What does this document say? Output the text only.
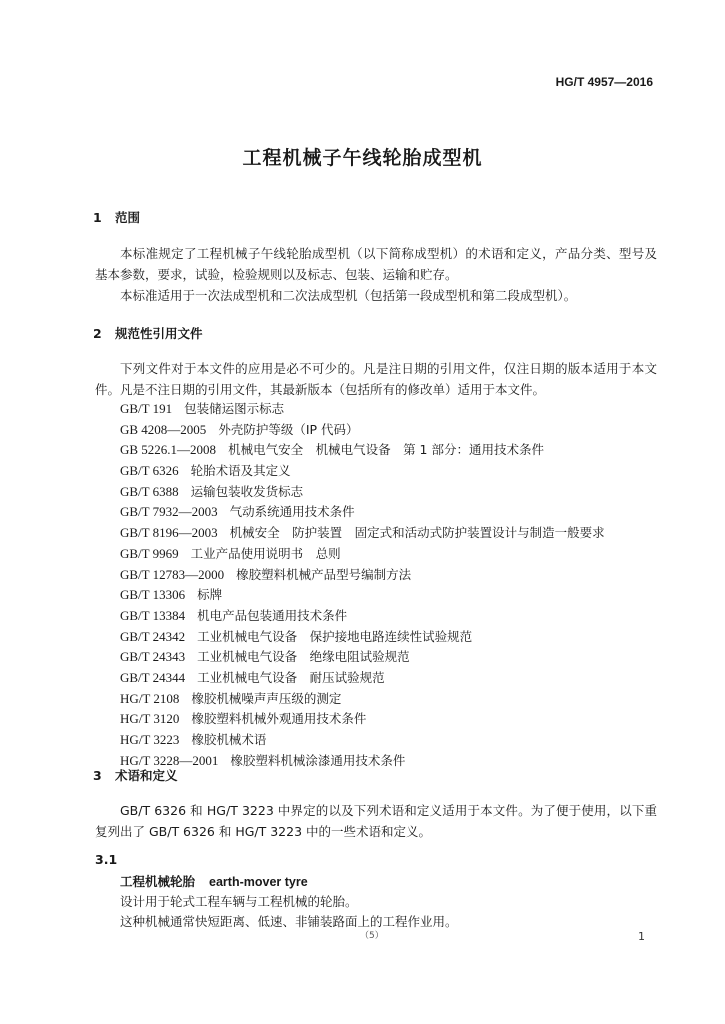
HG/T 4957—2016
工程机械子午线轮胎成型机
1 范围

本标准规定了工程机械子午线轮胎成型机（以下简称成型机）的术语和定义，产品分类、型号及基本参数，要求，试验，检验规则以及标志、包装、运输和贮存。

本标准适用于一次法成型机和二次法成型机（包括第一段成型机和第二段成型机）。

2 规范性引用文件

下列文件对于本文件的应用是必不可少的。凡是注日期的引用文件，仅注日期的版本适用于本文件。凡是不注日期的引用文件，其最新版本（包括所有的修改单）适用于本文件。

GB/T 191 包装储运图示标志
GB 4208—2005 外壳防护等级（IP 代码）
GB 5226.1—2008 机械电气安全　机械电气设备　第 1 部分：通用技术条件
GB/T 6326 轮胎术语及其定义
GB/T 6388 运输包装收发货标志
GB/T 7932—2003 气动系统通用技术条件
GB/T 8196—2003 机械安全　防护装置　固定式和活动式防护装置设计与制造一般要求
GB/T 9969 工业产品使用说明书　总则
GB/T 12783—2000 橡胶塑料机械产品型号编制方法
GB/T 13306 标牌
GB/T 13384 机电产品包装通用技术条件
GB/T 24342 工业机械电气设备　保护接地电路连续性试验规范
GB/T 24343 工业机械电气设备　绝缘电阻试验规范
GB/T 24344 工业机械电气设备　耐压试验规范
HG/T 2108 橡胶机械噪声声压级的测定
HG/T 3120 橡胶塑料机械外观通用技术条件
HG/T 3223 橡胶机械术语
HG/T 3228—2001 橡胶塑料机械涂漆通用技术条件
3 术语和定义

GB/T 6326 和 HG/T 3223 中界定的以及下列术语和定义适用于本文件。为了便于使用，以下重复列出了 GB/T 6326 和 HG/T 3223 中的一些术语和定义。

3.1
工程机械轮胎 earth-mover tyre
设计用于轮式工程车辆与工程机械的轮胎。
这种机械通常快短距离、低速、非铺装路面上的工程作业用。
（5）	1
